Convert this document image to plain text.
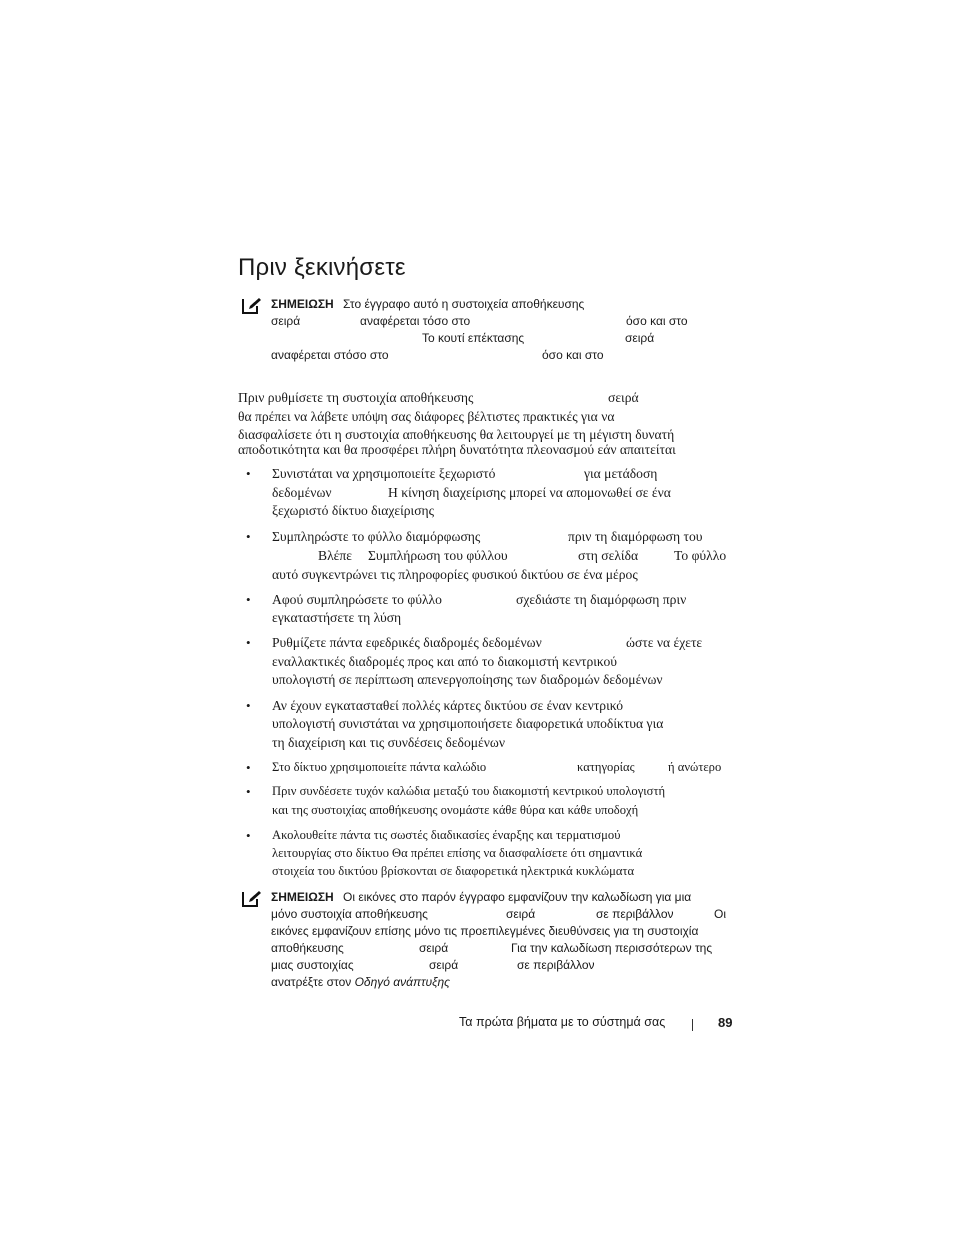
Πριν ξεκινήσετε
ΣΗΜΕΙΩΣΗ Στο έγγραφο αυτό η συστοιχεία αποθήκευσης
σειρά	αναφέρεται τόσο στο	όσο και στο
Το κουτί επέκτασης	σειρά
αναφέρεται στόσο στο	όσο και στο
Πριν ρυθμίσετε τη συστοιχία αποθήκευσης	σειρά
θα πρέπει να λάβετε υπόψη σας διάφορες βέλτιστες πρακτικές για να
διασφαλίσετε ότι η συστοιχία αποθήκευσης θα λειτουργεί με τη μέγιστη δυνατή
αποδοτικότητα και θα προσφέρει πλήρη δυνατότητα πλεονασμού εάν απαιτείται
• Συνιστάται να χρησιμοποιείτε ξεχωριστό	για μετάδοση
δεδομένων	Η κίνηση διαχείρισης μπορεί να απομονωθεί σε ένα
ξεχωριστό δίκτυο διαχείρισης
• Συμπληρώστε το φύλλο διαμόρφωσης	πριν τη διαμόρφωση του
Βλέπε Συμπλήρωση του φύλλου	στη σελίδα	Το φύλλο
αυτό συγκεντρώνει τις πληροφορίες φυσικού δικτύου σε ένα μέρος
• Αφού συμπληρώσετε το φύλλο	σχεδιάστε τη διαμόρφωση πριν
εγκαταστήσετε τη λύση
• Ρυθμίζετε πάντα εφεδρικές διαδρομές δεδομένων	ώστε να έχετε
εναλλακτικές διαδρομές προς και από το διακομιστή κεντρικού
υπολογιστή σε περίπτωση απενεργοποίησης των διαδρομών δεδομένων
• Αν έχουν εγκατασταθεί πολλές κάρτες δικτύου σε έναν κεντρικό
υπολογιστή συνιστάται να χρησιμοποιήσετε διαφορετικά υποδίκτυα για
τη διαχείριση και τις συνδέσεις δεδομένων
• Στο δίκτυο χρησιμοποιείτε πάντα καλώδιο	κατηγορίας	ή ανώτερο
• Πριν συνδέσετε τυχόν καλώδια μεταξύ του διακομιστή κεντρικού υπολογιστή
και της συστοιχίας αποθήκευσης ονομάστε κάθε θύρα και κάθε υποδοχή
• Ακολουθείτε πάντα τις σωστές διαδικασίες έναρξης και τερματισμού
λειτουργίας στο δίκτυο Θα πρέπει επίσης να διασφαλίσετε ότι σημαντικά
στοιχεία του δικτύου βρίσκονται σε διαφορετικά ηλεκτρικά κυκλώματα
ΣΗΜΕΙΩΣΗ Οι εικόνες στο παρόν έγγραφο εμφανίζουν την καλωδίωση για μια
μόνο συστοιχία αποθήκευσης	σειρά	σε περιβάλλον	Οι
εικόνες εμφανίζουν επίσης μόνο τις προεπιλεγμένες διευθύνσεις για τη συστοιχία
αποθήκευσης	σειρά	Για την καλωδίωση περισσότερων της
μιας συστοιχίας	σειρά	σε περιβάλλον
ανατρέξτε στον Οδηγό ανάπτυξης
Τα πρώτα βήματα με το σύστημά σας	89
